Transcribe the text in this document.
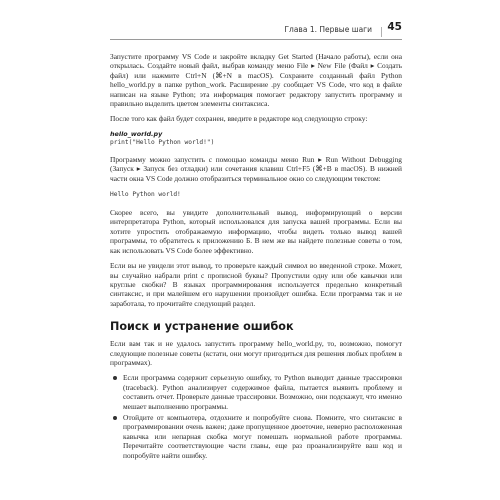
Глава 1. Первые шаги 45

Запустите программу VS Code и закройте вкладку Get Started (Начало работы), если она открылась. Создайте новый файл, выбрав команду меню File ▸ New File (Файл ▸ Создать файл) или нажмите Ctrl+N (⌘+N в macOS). Сохраните созданный файл Python hello_world.py в папке python_work. Расширение .py сообщает VS Code, что код в файле написан на языке Python; эта информация помогает редактору запустить программу и правильно выделить цветом элементы синтаксиса.

После того как файл будет сохранен, введите в редакторе код следующую строку:

hello_world.py
print("Hello Python world!")

Программу можно запустить с помощью команды меню Run ▸ Run Without Debugging (Запуск ▸ Запуск без отладки) или сочетания клавиш Ctrl+F5 (⌘+B в macOS). В нижней части окна VS Code должно отобразиться терминальное окно со следующим текстом:

Hello Python world!

Скорее всего, вы увидите дополнительный вывод, информирующий о версии интерпретатора Python, который использовался для запуска вашей программы. Если вы хотите упростить отображаемую информацию, чтобы видеть только вывод вашей программы, то обратитесь к приложению Б. В нем же вы найдете полезные советы о том, как использовать VS Code более эффективно.

Если вы не увидели этот вывод, то проверьте каждый символ во введенной строке. Может, вы случайно набрали print с прописной буквы? Пропустили одну или обе кавычки или круглые скобки? В языках программирования используется предельно конкретный синтаксис, и при малейшем его нарушении произойдет ошибка. Если программа так и не заработала, то прочитайте следующий раздел.

Поиск и устранение ошибок

Если вам так и не удалось запустить программу hello_world.py, то, возможно, помогут следующие полезные советы (кстати, они могут пригодиться для решения любых проблем в программах).

Если программа содержит серьезную ошибку, то Python выводит данные трассировки (traceback). Python анализирует содержимое файла, пытается выявить проблему и составить отчет. Проверьте данные трассировки. Возможно, они подскажут, что именно мешает выполнению программы.
Отойдите от компьютера, отдохните и попробуйте снова. Помните, что синтаксис в программировании очень важен; даже пропущенное двоеточие, неверно расположенная кавычка или непарная скобка могут помешать нормальной работе программы. Перечитайте соответствующие части главы, еще раз проанализируйте ваш код и попробуйте найти ошибку.
